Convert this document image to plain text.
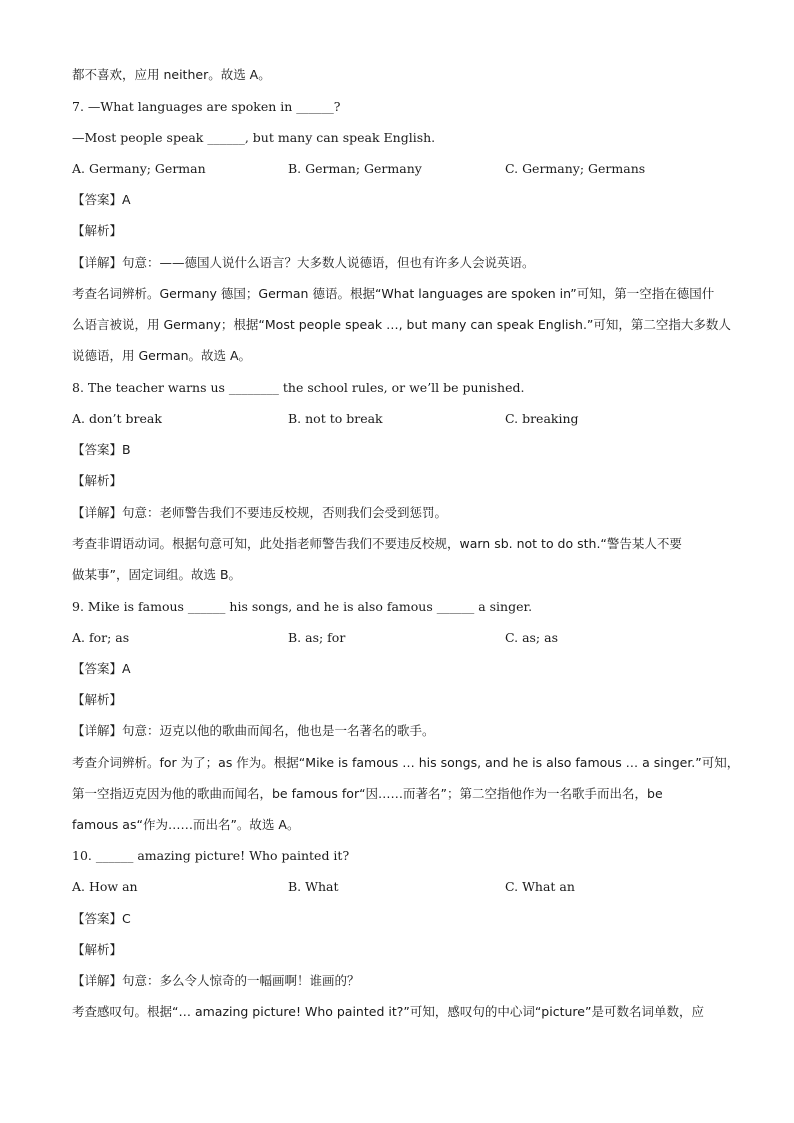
都不喜欢，应用 neither。故选 A。
7. —What languages are spoken in ______?
—Most people speak ______, but many can speak English.
A. Germany; German	B. German; Germany	C. Germany; Germans
【答案】A
【解析】
【详解】句意：——德国人说什么语言？大多数人说德语，但也有许多人会说英语。
考查名词辨析。Germany 德国；German 德语。根据“What languages are spoken in”可知，第一空指在德国什
么语言被说，用 Germany；根据“Most people speak …, but many can speak English.”可知，第二空指大多数人
说德语，用 German。故选 A。
8. The teacher warns us ________ the school rules, or we’ll be punished.
A. don’t break	B. not to break	C. breaking
【答案】B
【解析】
【详解】句意：老师警告我们不要违反校规，否则我们会受到惩罚。
考查非谓语动词。根据句意可知，此处指老师警告我们不要违反校规，warn sb. not to do sth.“警告某人不要
做某事”，固定词组。故选 B。
9. Mike is famous ______ his songs, and he is also famous ______ a singer.
A. for; as	B. as; for	C. as; as
【答案】A
【解析】
【详解】句意：迈克以他的歌曲而闻名，他也是一名著名的歌手。
考查介词辨析。for 为了；as 作为。根据“Mike is famous … his songs, and he is also famous … a singer.”可知，
第一空指迈克因为他的歌曲而闻名，be famous for“因……而著名”；第二空指他作为一名歌手而出名，be
famous as“作为……而出名”。故选 A。
10. ______ amazing picture! Who painted it?
A. How an	B. What	C. What an
【答案】C
【解析】
【详解】句意：多么令人惊奇的一幅画啊！谁画的？
考查感叹句。根据“… amazing picture! Who painted it?”可知，感叹句的中心词“picture”是可数名词单数，应
